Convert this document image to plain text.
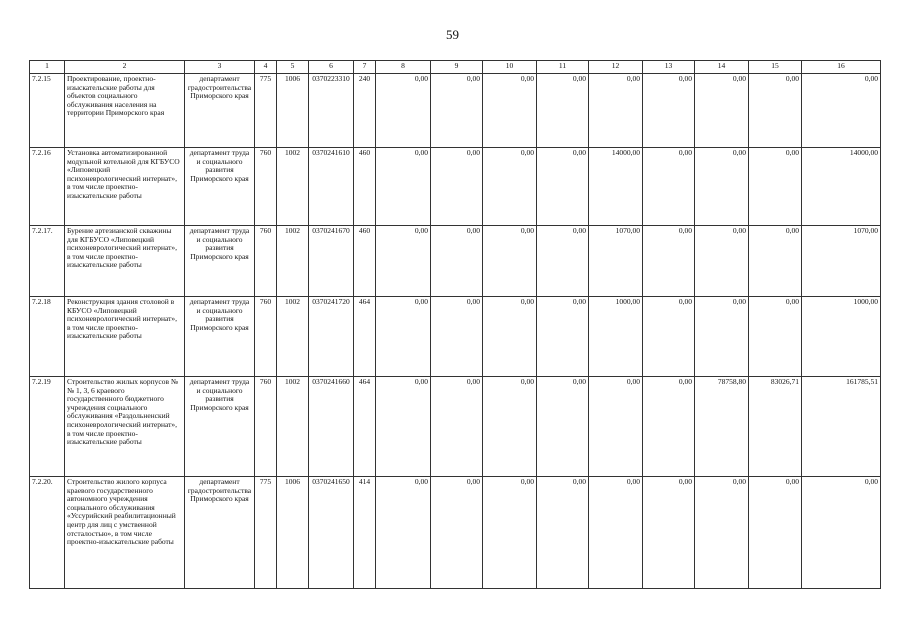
59
1	2	3	4	5	6	7	8	9	10	11	12	13	14	15	16
7.2.15	Проектирование, проектно-изыскательские работы для объектов социального обслуживания населения на территории Приморского края	департамент градостроительства Приморского края	775	1006	0370223310	240	0,00	0,00	0,00	0,00	0,00	0,00	0,00	0,00	0,00
7.2.16	Установка автоматизированной модульной котельной для КГБУСО «Липовецкий психоневрологический интернат», в том числе проектно-изыскательские работы	департамент труда и социального развития Приморского края	760	1002	0370241610	460	0,00	0,00	0,00	0,00	14000,00	0,00	0,00	0,00	14000,00
7.2.17.	Бурение артезианской скважины для КГБУСО «Липовецкий психоневрологический интернат», в том числе проектно-изыскательские работы	департамент труда и социального развития Приморского края	760	1002	0370241670	460	0,00	0,00	0,00	0,00	1070,00	0,00	0,00	0,00	1070,00
7.2.18	Реконструкция здания столовой в КБУСО «Липовецкий психоневрологический интернат», в том числе проектно-изыскательские работы	департамент труда и социального развития Приморского края	760	1002	0370241720	464	0,00	0,00	0,00	0,00	1000,00	0,00	0,00	0,00	1000,00
7.2.19	Строительство жилых корпусов №№ 1, 3, 6 краевого государственного бюджетного учреждения социального обслуживания «Раздольненский психоневрологический интернат», в том числе проектно-изыскательские работы	департамент труда и социального развития Приморского края	760	1002	0370241660	464	0,00	0,00	0,00	0,00	0,00	0,00	78758,80	83026,71	161785,51
7.2.20.	Строительство жилого корпуса краевого государственного автономного учреждения социального обслуживания «Уссурийский реабилитационный центр для лиц с умственной отсталостью», в том числе проектно-изыскательские работы	департамент градостроительства Приморского края	775	1006	0370241650	414	0,00	0,00	0,00	0,00	0,00	0,00	0,00	0,00	0,00
